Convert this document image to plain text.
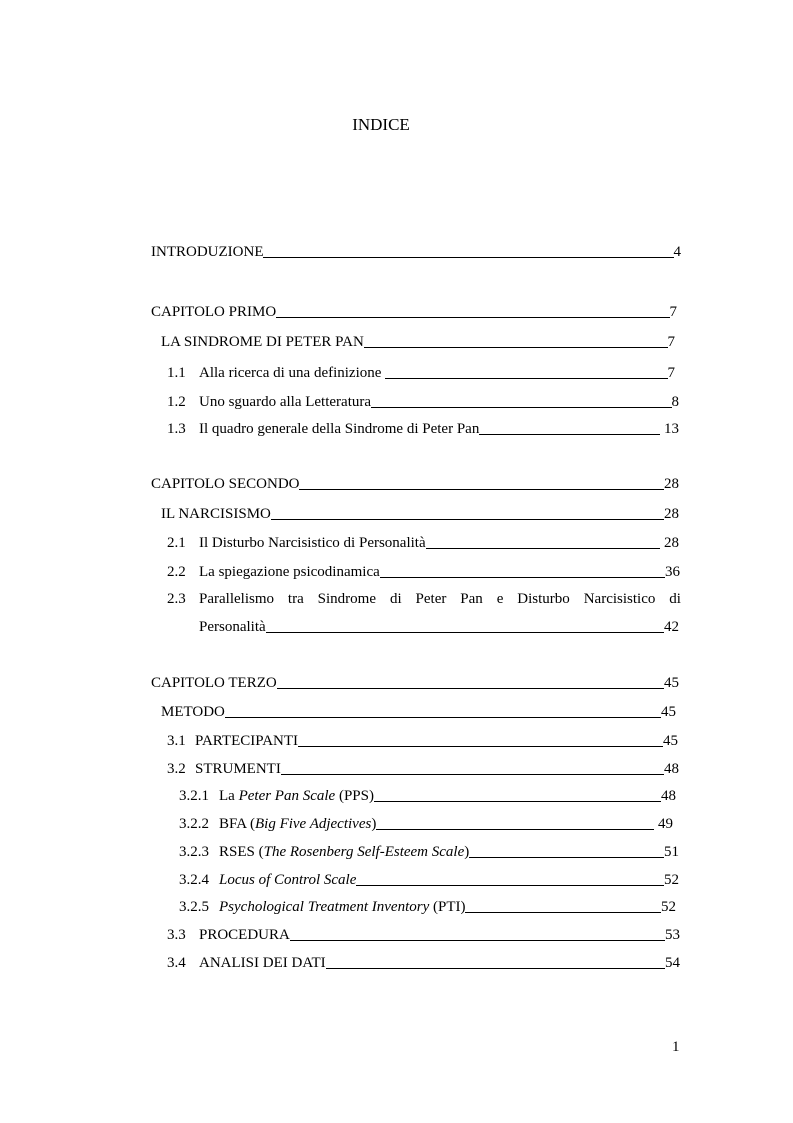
INDICE
INTRODUZIONE	4
CAPITOLO PRIMO	7
LA SINDROME DI PETER PAN	7
1.1 Alla ricerca di una definizione	7
1.2 Uno sguardo alla Letteratura	8
1.3 Il quadro generale della Sindrome di Peter Pan	13
CAPITOLO SECONDO	28
IL NARCISISMO	28
2.1 Il Disturbo Narcisistico di Personalità	28
2.2 La spiegazione psicodinamica	36
2.3 Parallelismo tra Sindrome di Peter Pan e Disturbo Narcisistico di
Personalità	42
CAPITOLO TERZO	45
METODO	45
3.1 PARTECIPANTI	45
3.2 STRUMENTI	48
3.2.1 La Peter Pan Scale (PPS)	48
3.2.2 BFA (Big Five Adjectives)	49
3.2.3 RSES (The Rosenberg Self-Esteem Scale)	51
3.2.4 Locus of Control Scale	52
3.2.5 Psychological Treatment Inventory (PTI)	52
3.3 PROCEDURA	53
3.4 ANALISI DEI DATI	54
1
